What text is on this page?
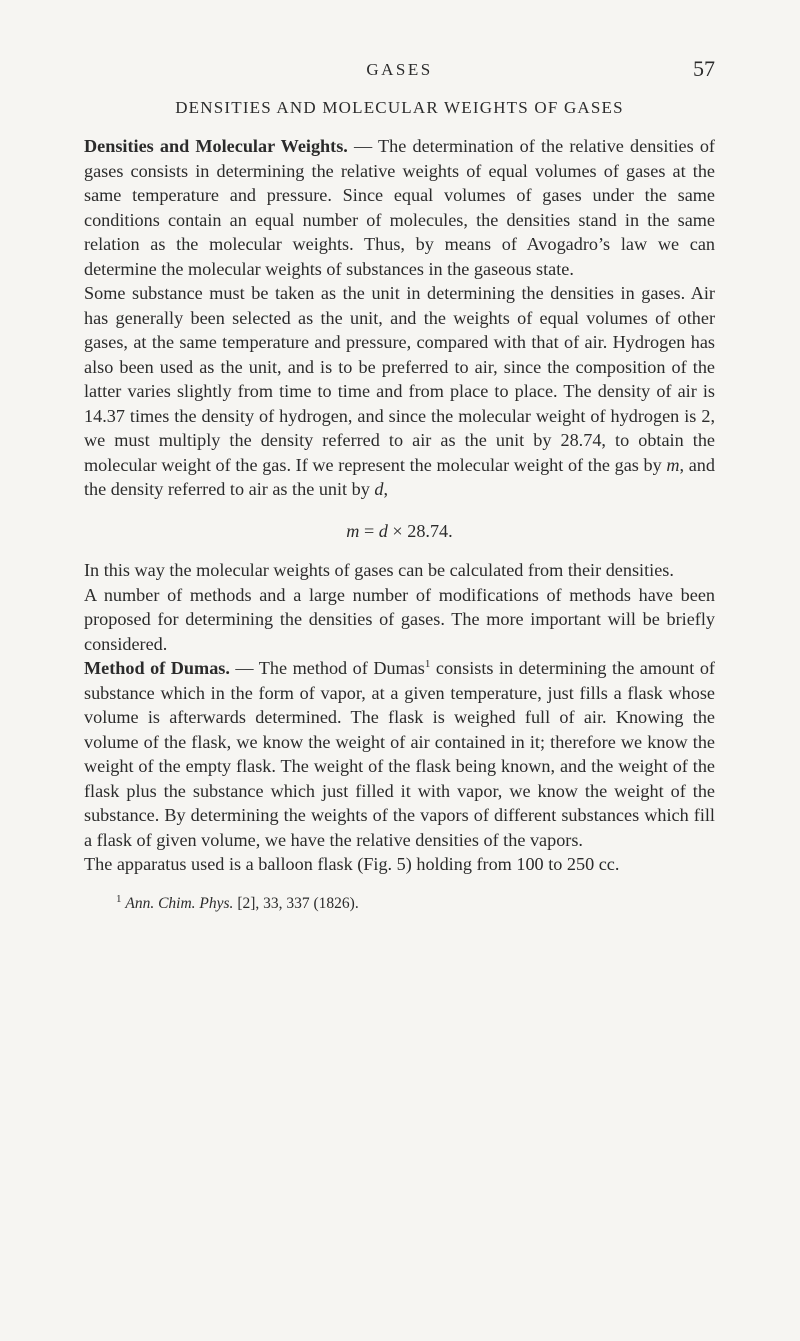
GASES	57
DENSITIES AND MOLECULAR WEIGHTS OF GASES

Densities and Molecular Weights. — The determination of the relative densities of gases consists in determining the relative weights of equal volumes of gases at the same temperature and pressure. Since equal volumes of gases under the same conditions contain an equal number of molecules, the densities stand in the same relation as the molecular weights. Thus, by means of Avogadro’s law we can determine the molecular weights of substances in the gaseous state.

Some substance must be taken as the unit in determining the densities in gases. Air has generally been selected as the unit, and the weights of equal volumes of other gases, at the same temperature and pressure, compared with that of air. Hydrogen has also been used as the unit, and is to be preferred to air, since the composition of the latter varies slightly from time to time and from place to place. The density of air is 14.37 times the density of hydrogen, and since the molecular weight of hydrogen is 2, we must multiply the density referred to air as the unit by 28.74, to obtain the molecular weight of the gas. If we represent the molecular weight of the gas by m, and the density referred to air as the unit by d,

m = d × 28.74.

In this way the molecular weights of gases can be calculated from their densities.

A number of methods and a large number of modifications of methods have been proposed for determining the densities of gases. The more important will be briefly considered.

Method of Dumas. — The method of Dumas$^1$ consists in determining the amount of substance which in the form of vapor, at a given temperature, just fills a flask whose volume is afterwards determined. The flask is weighed full of air. Knowing the volume of the flask, we know the weight of air contained in it; therefore we know the weight of the empty flask. The weight of the flask being known, and the weight of the flask plus the substance which just filled it with vapor, we know the weight of the substance. By determining the weights of the vapors of different substances which fill a flask of given volume, we have the relative densities of the vapors.

The apparatus used is a balloon flask (Fig. 5) holding from 100 to 250 cc.

$^1$ Ann. Chim. Phys. [2], 33, 337 (1826).
